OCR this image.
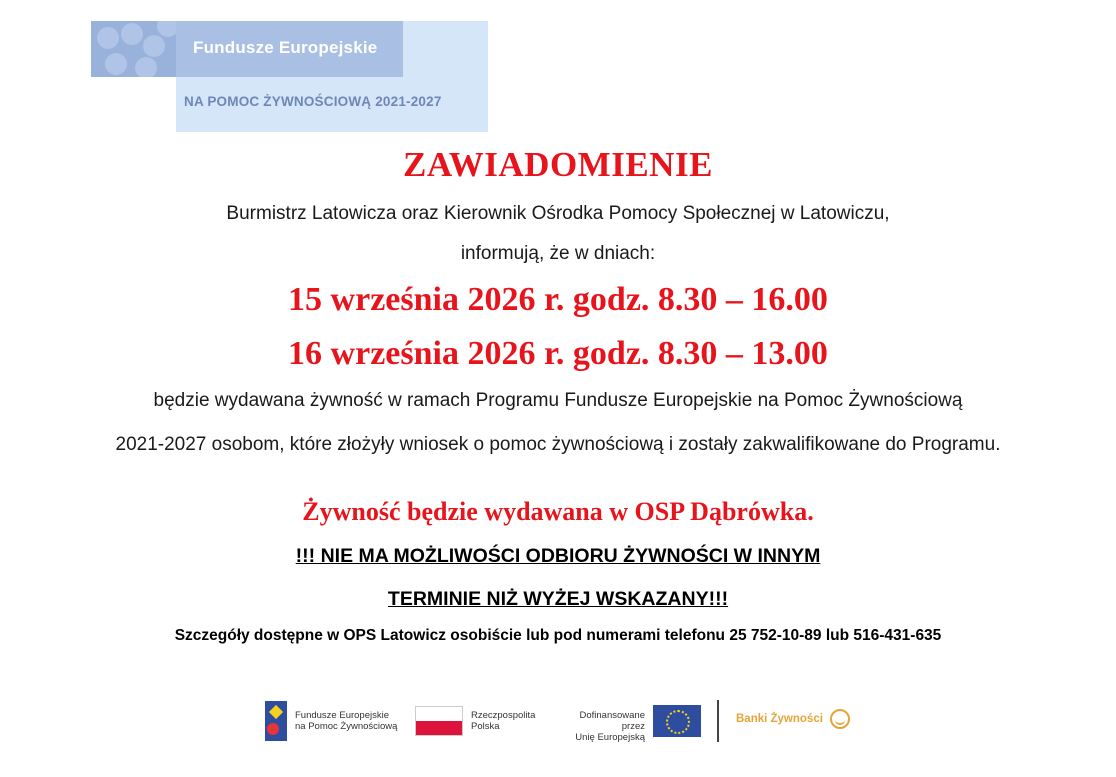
Fundusze Europejskie
NA POMOC ŻYWNOŚCIOWĄ 2021-2027
ZAWIADOMIENIE
Burmistrz Latowicza oraz Kierownik Ośrodka Pomocy Społecznej w Latowiczu,
informują, że w dniach:
15 września 2026 r. godz. 8.30 – 16.00
16 września 2026 r. godz. 8.30 – 13.00
będzie wydawana żywność w ramach Programu Fundusze Europejskie na Pomoc Żywnościową
2021-2027 osobom, które złożyły wniosek o pomoc żywnościową i zostały zakwalifikowane do Programu.
Żywność będzie wydawana w OSP Dąbrówka.
!!! NIE MA MOŻLIWOŚCI ODBIORU ŻYWNOŚCI W INNYM
TERMINIE NIŻ WYŻEJ WSKAZANY!!!
Szczegóły dostępne w OPS Latowicz osobiście lub pod numerami telefonu 25 752-10-89 lub 516-431-635
Fundusze Europejskie
na Pomoc Żywnościową
Rzeczpospolita
Polska
Dofinansowane przez
Unię Europejską
Banki Żywności
